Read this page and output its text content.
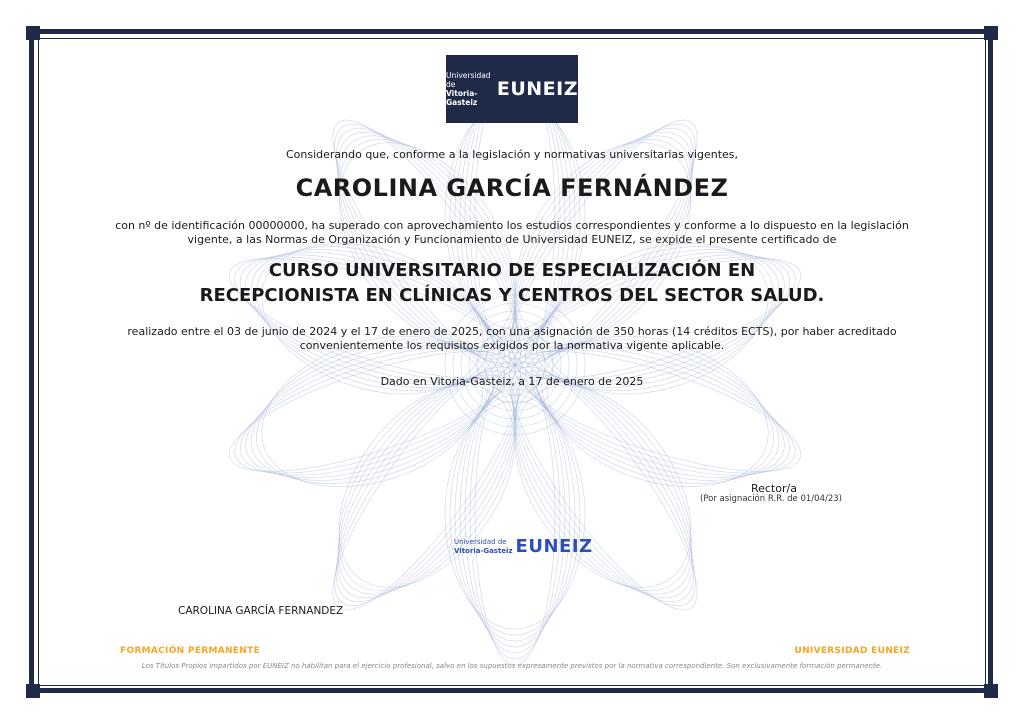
Universidad de
Vitoria-Gasteiz
EUNEIZ
Considerando que, conforme a la legislación y normativas universitarias vigentes,
CAROLINA GARCÍA FERNÁNDEZ
con nº de identificación 00000000, ha superado con aprovechamiento los estudios correspondientes y conforme a lo dispuesto en la legislación
vigente, a las Normas de Organización y Funcionamiento de Universidad EUNEIZ, se expide el presente certificado de
CURSO UNIVERSITARIO DE ESPECIALIZACIÓN EN
RECEPCIONISTA EN CLÍNICAS Y CENTROS DEL SECTOR SALUD.
realizado entre el 03 de junio de 2024 y el 17 de enero de 2025, con una asignación de 350 horas (14 créditos ECTS), por haber acreditado
convenientemente los requisitos exigidos por la normativa vigente aplicable.
Dado en Vitoria-Gasteiz, a 17 de enero de 2025
Rector/a
(Por asignación R.R. de 01/04/23)
Universidad de
Vitoria-Gasteiz EUNEIZ
CAROLINA GARCÍA FERNANDEZ
FORMACIÓN PERMANENTE	UNIVERSIDAD EUNEIZ
Los Títulos Propios impartidos por EUNEIZ no habilitan para el ejercicio profesional, salvo en los supuestos expresamente previstos por la normativa correspondiente. Son exclusivamente formación permanente.
